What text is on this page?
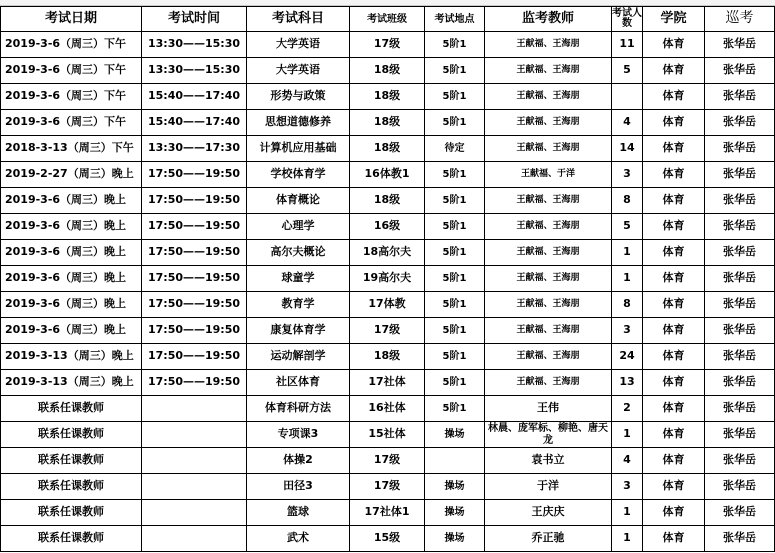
考试日期	考试时间	考试科目	考试班级	考试地点	监考教师	考试人数	学院	巡考
2019-3-6（周三）下午	13:30——15:30	大学英语	17级	5阶1	王献福、王海朋	11	体育	张华岳
2019-3-6（周三）下午	13:30——15:30	大学英语	18级	5阶1	王献福、王海朋	5	体育	张华岳
2019-3-6（周三）下午	15:40——17:40	形势与政策	18级	5阶1	王献福、王海朋		体育	张华岳
2019-3-6（周三）下午	15:40——17:40	思想道德修养	18级	5阶1	王献福、王海朋	4	体育	张华岳
2018-3-13（周三）下午	13:30——17:30	计算机应用基础	18级	待定	王献福、王海朋	14	体育	张华岳
2019-2-27（周三）晚上	17:50——19:50	学校体育学	16体教1	5阶1	王献福、于洋	3	体育	张华岳
2019-3-6（周三）晚上	17:50——19:50	体育概论	18级	5阶1	王献福、王海朋	8	体育	张华岳
2019-3-6（周三）晚上	17:50——19:50	心理学	16级	5阶1	王献福、王海朋	5	体育	张华岳
2019-3-6（周三）晚上	17:50——19:50	高尔夫概论	18高尔夫	5阶1	王献福、王海朋	1	体育	张华岳
2019-3-6（周三）晚上	17:50——19:50	球童学	19高尔夫	5阶1	王献福、王海朋	1	体育	张华岳
2019-3-6（周三）晚上	17:50——19:50	教育学	17体教	5阶1	王献福、王海朋	8	体育	张华岳
2019-3-6（周三）晚上	17:50——19:50	康复体育学	17级	5阶1	王献福、王海朋	3	体育	张华岳
2019-3-13（周三）晚上	17:50——19:50	运动解剖学	18级	5阶1	王献福、王海朋	24	体育	张华岳
2019-3-13（周三）晚上	17:50——19:50	社区体育	17社体	5阶1	王献福、王海朋	13	体育	张华岳
联系任课教师		体育科研方法	16社体	5阶1	王伟	2	体育	张华岳
联系任课教师		专项课3	15社体	操场	林晨、庞军标、柳艳、唐天龙	1	体育	张华岳
联系任课教师		体操2	17级		袁书立	4	体育	张华岳
联系任课教师		田径3	17级	操场	于洋	3	体育	张华岳
联系任课教师		篮球	17社体1	操场	王庆庆	1	体育	张华岳
联系任课教师		武术	15级	操场	乔正驰	1	体育	张华岳
